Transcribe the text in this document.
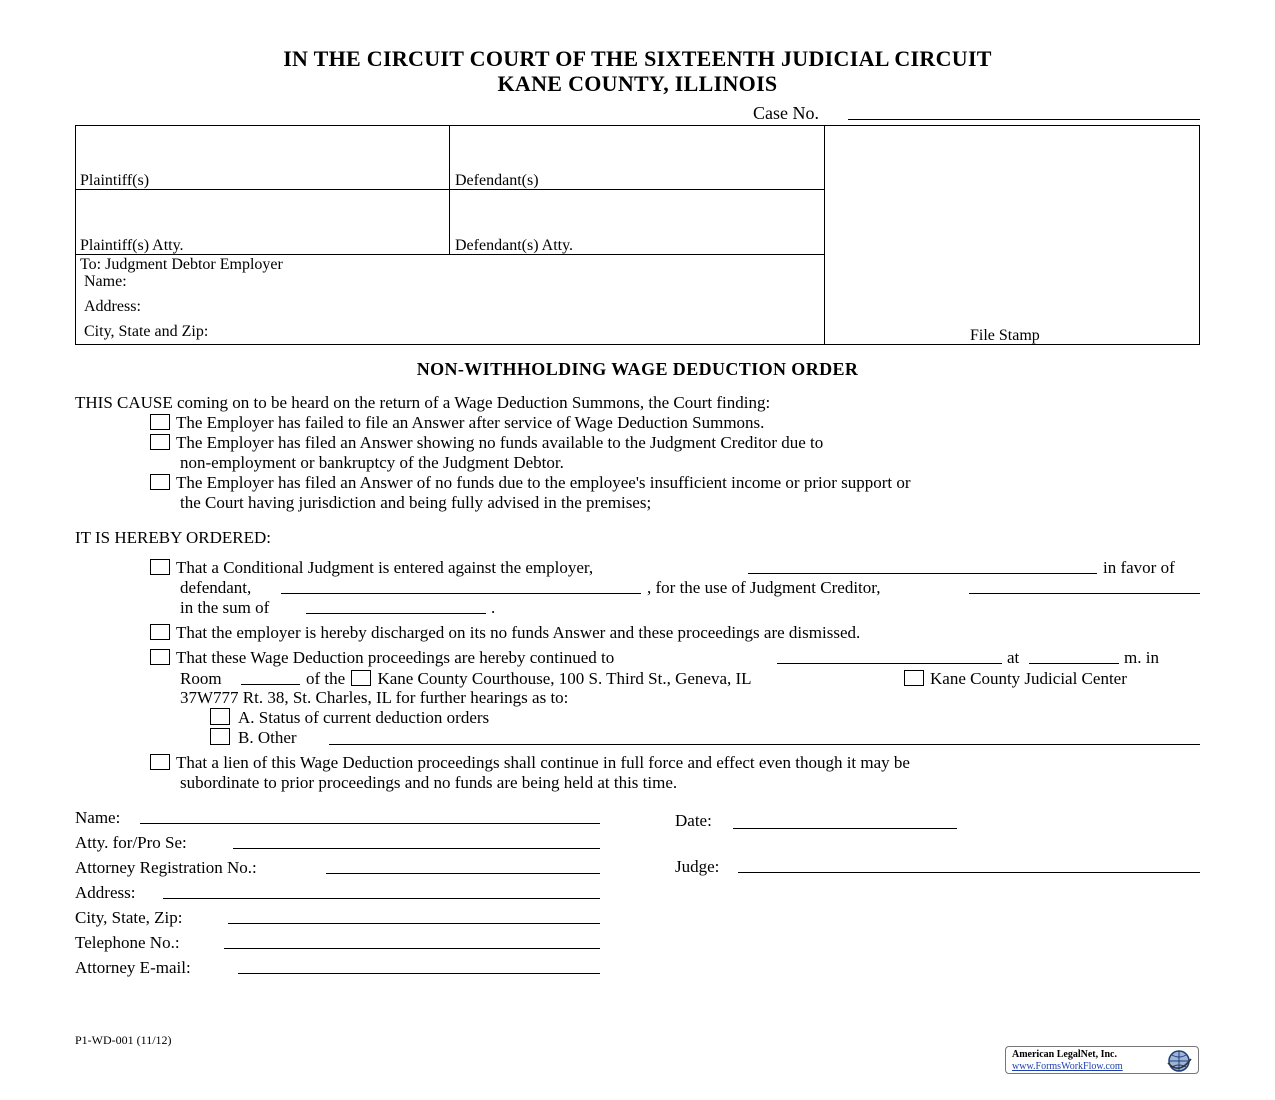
IN THE CIRCUIT COURT OF THE SIXTEENTH JUDICIAL CIRCUIT
KANE COUNTY, ILLINOIS
Case No.
Plaintiff(s)	Defendant(s)
Plaintiff(s) Atty.	Defendant(s) Atty.
To: Judgment Debtor Employer
Name:
Address:
City, State and Zip:	File Stamp
NON-WITHHOLDING WAGE DEDUCTION ORDER
THIS CAUSE coming on to be heard on the return of a Wage Deduction Summons, the Court finding:
The Employer has failed to file an Answer after service of Wage Deduction Summons.
The Employer has filed an Answer showing no funds available to the Judgment Creditor due to
non-employment or bankruptcy of the Judgment Debtor.
The Employer has filed an Answer of no funds due to the employee's insufficient income or prior support or
the Court having jurisdiction and being fully advised in the premises;
IT IS HEREBY ORDERED:
That a Conditional Judgment is entered against the employer,	in favor of
defendant,	, for the use of Judgment Creditor,
in the sum of	.
That the employer is hereby discharged on its no funds Answer and these proceedings are dismissed.
That these Wage Deduction proceedings are hereby continued to	at	m. in
Room	of the Kane County Courthouse, 100 S. Third St., Geneva, IL	Kane County Judicial Center
37W777 Rt. 38, St. Charles, IL for further hearings as to:
A. Status of current deduction orders
B. Other
That a lien of this Wage Deduction proceedings shall continue in full force and effect even though it may be
subordinate to prior proceedings and no funds are being held at this time.
Name:
Atty. for/Pro Se:
Attorney Registration No.:
Address:
City, State, Zip:
Telephone No.:
Attorney E-mail:
Date:
Judge:
P1-WD-001 (11/12)
American LegalNet, Inc.
www.FormsWorkFlow.com
